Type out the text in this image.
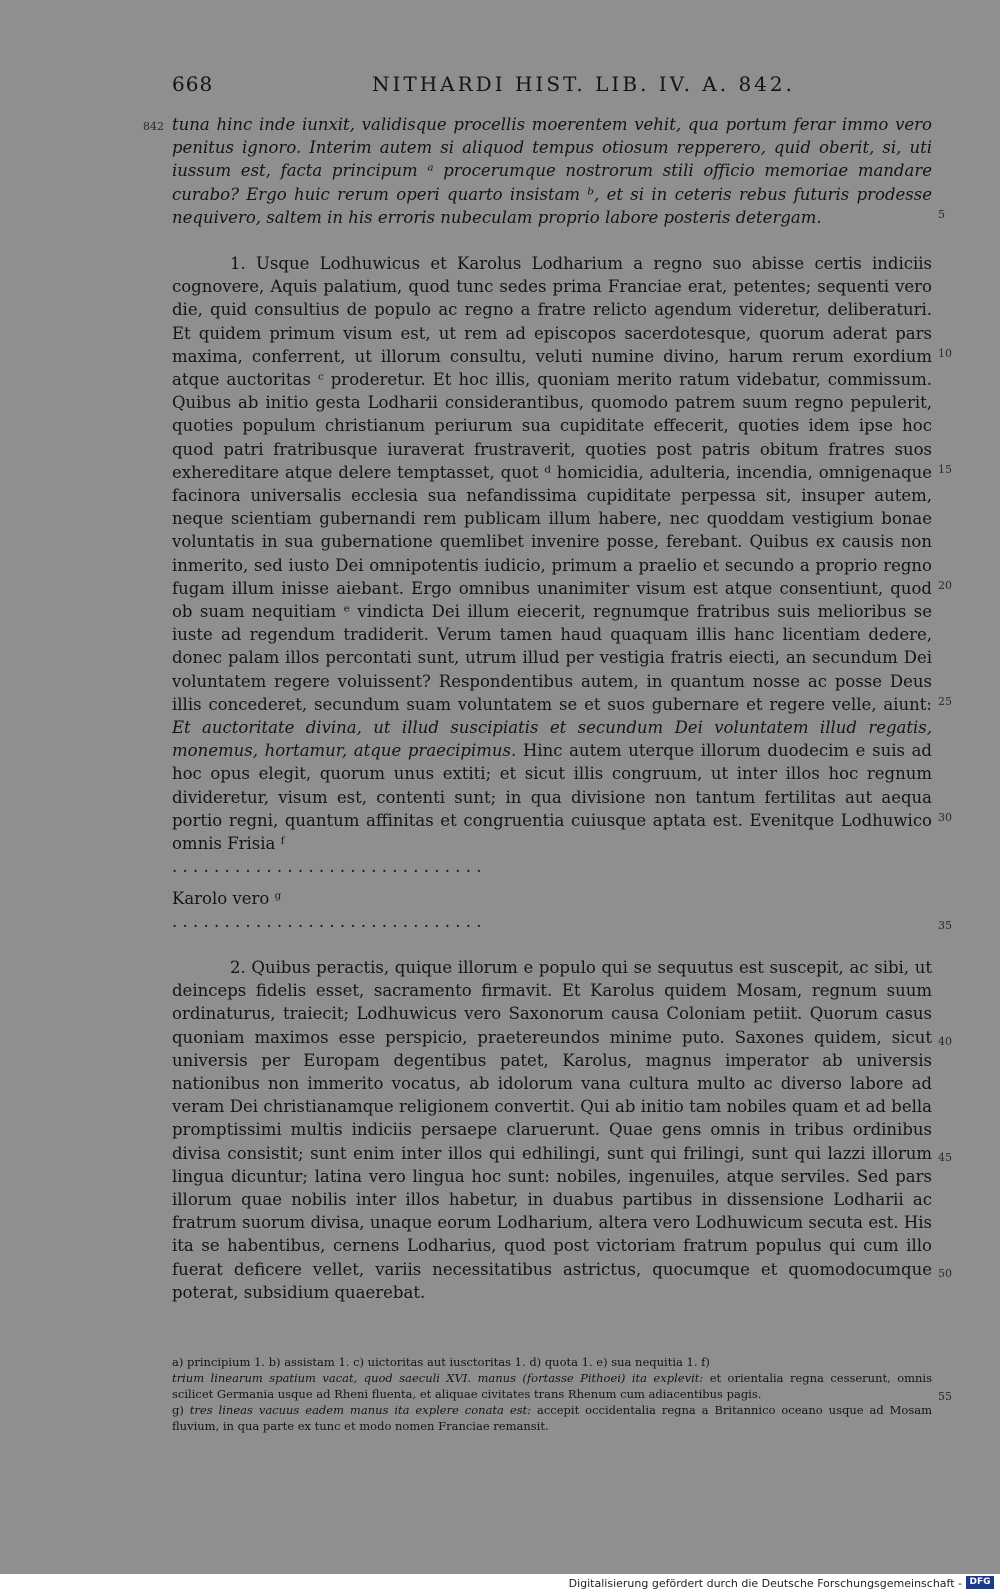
668	NITHARDI HIST. LIB. IV. A. 842.
842 tuna hinc inde iunxit, validisque procellis moerentem vehit, qua portum ferar immo vero penitus ignoro. Interim autem si aliquod tempus otiosum repperero, quid oberit, si, uti iussum est, facta principum ᵃ procerumque nostrorum stili officio memoriae mandare curabo? Ergo huic rerum operi quarto insistam ᵇ, et si in ceteris rebus futuris prodesse nequivero, saltem in his erroris nubeculam proprio labore posteris detergam.

1. Usque Lodhuwicus et Karolus Lodharium a regno suo abisse certis indiciis cognovere, Aquis palatium, quod tunc sedes prima Franciae erat, petentes; sequenti vero die, quid consultius de populo ac regno a fratre relicto agendum videretur, deliberaturi. Et quidem primum visum est, ut rem ad episcopos sacerdotesque, quorum aderat pars maxima, conferrent, ut illorum consultu, veluti numine divino, harum rerum exordium atque auctoritas ᶜ proderetur. Et hoc illis, quoniam merito ratum videbatur, commissum. Quibus ab initio gesta Lodharii considerantibus, quomodo patrem suum regno pepulerit, quoties populum christianum periurum sua cupiditate effecerit, quoties idem ipse hoc quod patri fratribusque iuraverat frustraverit, quoties post patris obitum fratres suos exhereditare atque delere temptasset, quot ᵈ homicidia, adulteria, incendia, omnigenaque facinora universalis ecclesia sua nefandissima cupiditate perpessa sit, insuper autem, neque scientiam gubernandi rem publicam illum habere, nec quoddam vestigium bonae voluntatis in sua gubernatione quemlibet invenire posse, ferebant. Quibus ex causis non inmerito, sed iusto Dei omnipotentis iudicio, primum a praelio et secundo a proprio regno fugam illum inisse aiebant. Ergo omnibus unanimiter visum est atque consentiunt, quod ob suam nequitiam ᵉ vindicta Dei illum eiecerit, regnumque fratribus suis melioribus se iuste ad regendum tradiderit. Verum tamen haud quaquam illis hanc licentiam dedere, donec palam illos percontati sunt, utrum illud per vestigia fratris eiecti, an secundum Dei voluntatem regere voluissent? Respondentibus autem, in quantum nosse ac posse Deus illis concederet, secundum suam voluntatem se et suos gubernare et regere velle, aiunt: Et auctoritate divina, ut illud suscipiatis et secundum Dei voluntatem illud regatis, monemus, hortamur, atque praecipimus. Hinc autem uterque illorum duodecim e suis ad hoc opus elegit, quorum unus extiti; et sicut illis congruum, ut inter illos hoc regnum divideretur, visum est, contenti sunt; in qua divisione non tantum fertilitas aut aequa portio regni, quantum affinitas et congruentia cuiusque aptata est. Evenitque Lodhuwico omnis Frisia ᶠ

. . . . . . . . . . . . . . . . . . . . . . . . . . . . . .

Karolo vero ᵍ

. . . . . . . . . . . . . . . . . . . . . . . . . . . . . .

2. Quibus peractis, quique illorum e populo qui se sequutus est suscepit, ac sibi, ut deinceps fidelis esset, sacramento firmavit. Et Karolus quidem Mosam, regnum suum ordinaturus, traiecit; Lodhuwicus vero Saxonorum causa Coloniam petiit. Quorum casus quoniam maximos esse perspicio, praetereundos minime puto. Saxones quidem, sicut universis per Europam degentibus patet, Karolus, magnus imperator ab universis nationibus non immerito vocatus, ab idolorum vana cultura multo ac diverso labore ad veram Dei christianamque religionem convertit. Qui ab initio tam nobiles quam et ad bella promptissimi multis indiciis persaepe claruerunt. Quae gens omnis in tribus ordinibus divisa consistit; sunt enim inter illos qui edhilingi, sunt qui frilingi, sunt qui lazzi illorum lingua dicuntur; latina vero lingua hoc sunt: nobiles, ingenuiles, atque serviles. Sed pars illorum quae nobilis inter illos habetur, in duabus partibus in dissensione Lodharii ac fratrum suorum divisa, unaque eorum Lodharium, altera vero Lodhuwicum secuta est. His ita se habentibus, cernens Lodharius, quod post victoriam fratrum populus qui cum illo fuerat deficere vellet, variis necessitatibus astrictus, quocumque et quomodocumque poterat, subsidium quaerebat.

5
10
15
20
25
30
35
40
45
50
55

a) principium 1. b) assistam 1. c) uictoritas aut iusctoritas 1. d) quota 1. e) sua nequitia 1. f)

trium linearum spatium vacat, quod saeculi XVI. manus (fortasse Pithoei) ita explevit: et orientalia regna cesserunt, omnis scilicet Germania usque ad Rheni fluenta, et aliquae civitates trans Rhenum cum adiacentibus pagis.

g) tres lineas vacuus eadem manus ita explere conata est: accepit occidentalia regna a Britannico oceano usque ad Mosam fluvium, in qua parte ex tunc et modo nomen Franciae remansit.

Digitalisierung gefördert durch die Deutsche Forschungsgemeinschaft - DFG
